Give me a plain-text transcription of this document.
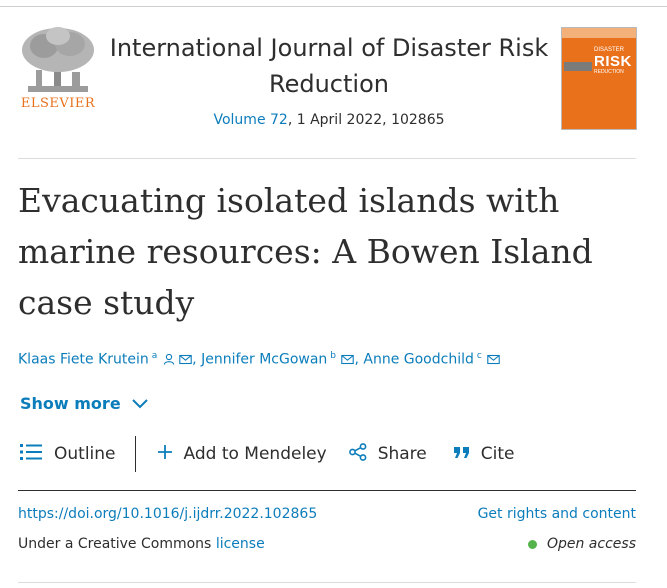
ELSEVIER
International Journal of Disaster Risk Reduction
Volume 72, 1 April 2022, 102865
DISASTER
RISK
REDUCTION
Evacuating isolated islands with marine resources: A Bowen Island case study
Klaas Fiete Krutein $^a$ , Jennifer McGowan $^b$ , Anne Goodchild $^c$
Show more
Outline	Add to Mendeley	Share	Cite
https://doi.org/10.1016/j.ijdrr.2022.102865	Get rights and content
Under a Creative Commons license	Open access
